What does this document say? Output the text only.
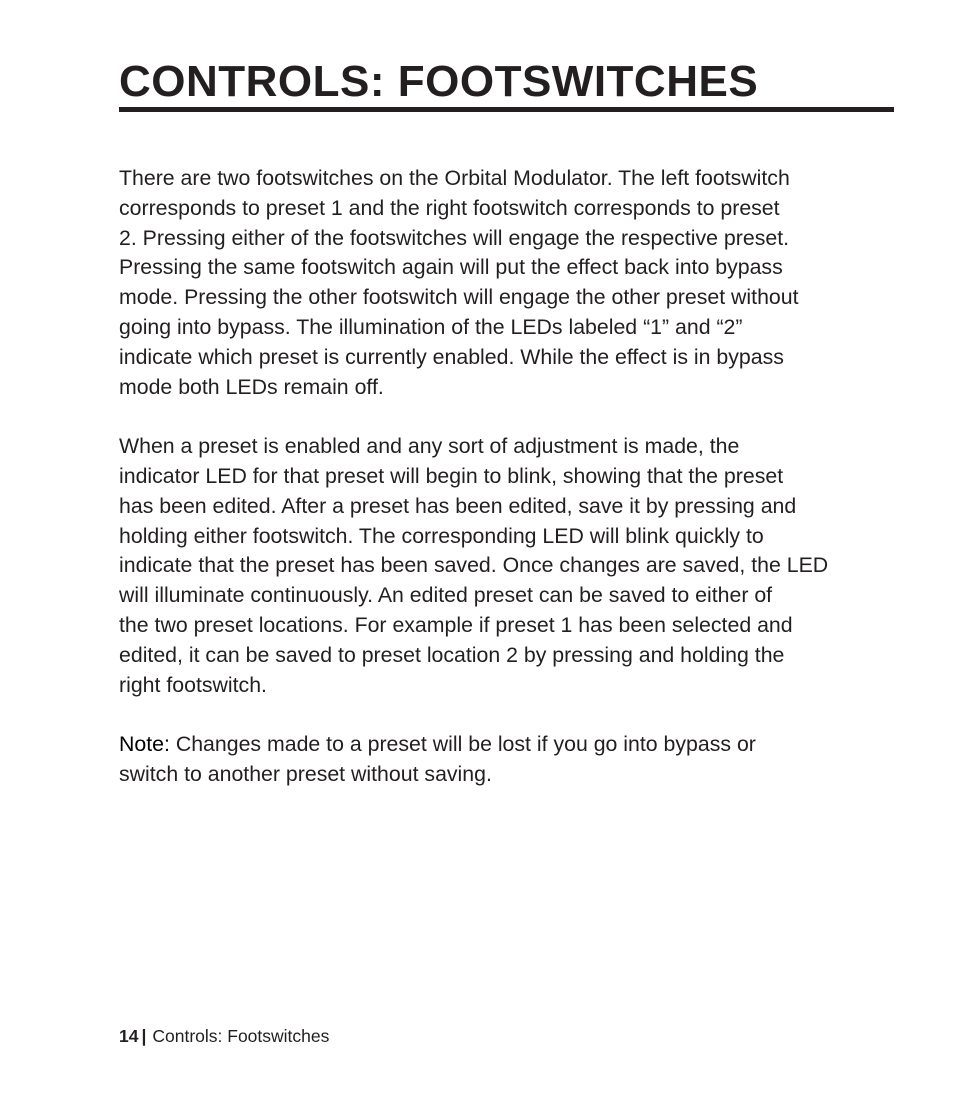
CONTROLS: FOOTSWITCHES

There are two footswitches on the Orbital Modulator. The left footswitch
corresponds to preset 1 and the right footswitch corresponds to preset
2. Pressing either of the footswitches will engage the respective preset.
Pressing the same footswitch again will put the effect back into bypass
mode. Pressing the other footswitch will engage the other preset without
going into bypass. The illumination of the LEDs labeled “1” and “2”
indicate which preset is currently enabled. While the effect is in bypass
mode both LEDs remain off.

When a preset is enabled and any sort of adjustment is made, the
indicator LED for that preset will begin to blink, showing that the preset
has been edited. After a preset has been edited, save it by pressing and
holding either footswitch. The corresponding LED will blink quickly to
indicate that the preset has been saved. Once changes are saved, the LED
will illuminate continuously. An edited preset can be saved to either of
the two preset locations. For example if preset 1 has been selected and
edited, it can be saved to preset location 2 by pressing and holding the
right footswitch.

Note: Changes made to a preset will be lost if you go into bypass or
switch to another preset without saving.

14 | Controls: Footswitches
